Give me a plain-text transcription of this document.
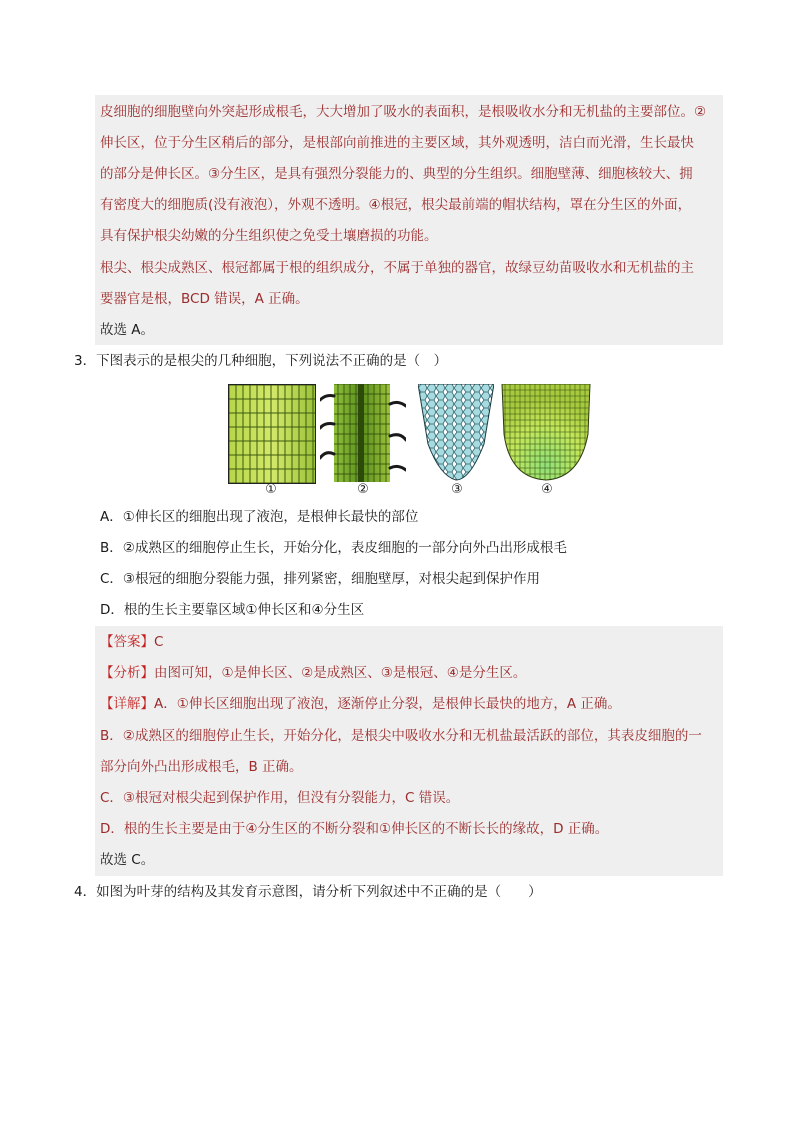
皮细胞的细胞壁向外突起形成根毛，大大增加了吸水的表面积，是根吸收水分和无机盐的主要部位。②
伸长区，位于分生区稍后的部分，是根部向前推进的主要区域，其外观透明，洁白而光滑，生长最快
的部分是伸长区。③分生区，是具有强烈分裂能力的、典型的分生组织。细胞壁薄、细胞核较大、拥
有密度大的细胞质(没有液泡），外观不透明。④根冠，根尖最前端的帽状结构，罩在分生区的外面，
具有保护根尖幼嫩的分生组织使之免受土壤磨损的功能。
根尖、根尖成熟区、根冠都属于根的组织成分，不属于单独的器官，故绿豆幼苗吸收水和无机盐的主
要器官是根，BCD 错误，A 正确。
故选 A。
3．下图表示的是根尖的几种细胞，下列说法不正确的是（　）
①	②	③	④
A．①伸长区的细胞出现了液泡，是根伸长最快的部位
B．②成熟区的细胞停止生长，开始分化，表皮细胞的一部分向外凸出形成根毛
C．③根冠的细胞分裂能力强，排列紧密，细胞壁厚，对根尖起到保护作用
D．根的生长主要靠区域①伸长区和④分生区
【答案】C
【分析】由图可知，①是伸长区、②是成熟区、③是根冠、④是分生区。
【详解】A．①伸长区细胞出现了液泡，逐渐停止分裂，是根伸长最快的地方，A 正确。
B．②成熟区的细胞停止生长，开始分化，是根尖中吸收水分和无机盐最活跃的部位，其表皮细胞的一
部分向外凸出形成根毛，B 正确。
C．③根冠对根尖起到保护作用，但没有分裂能力，C 错误。
D．根的生长主要是由于④分生区的不断分裂和①伸长区的不断长长的缘故，D 正确。
故选 C。
4．如图为叶芽的结构及其发育示意图，请分析下列叙述中不正确的是（　　）
